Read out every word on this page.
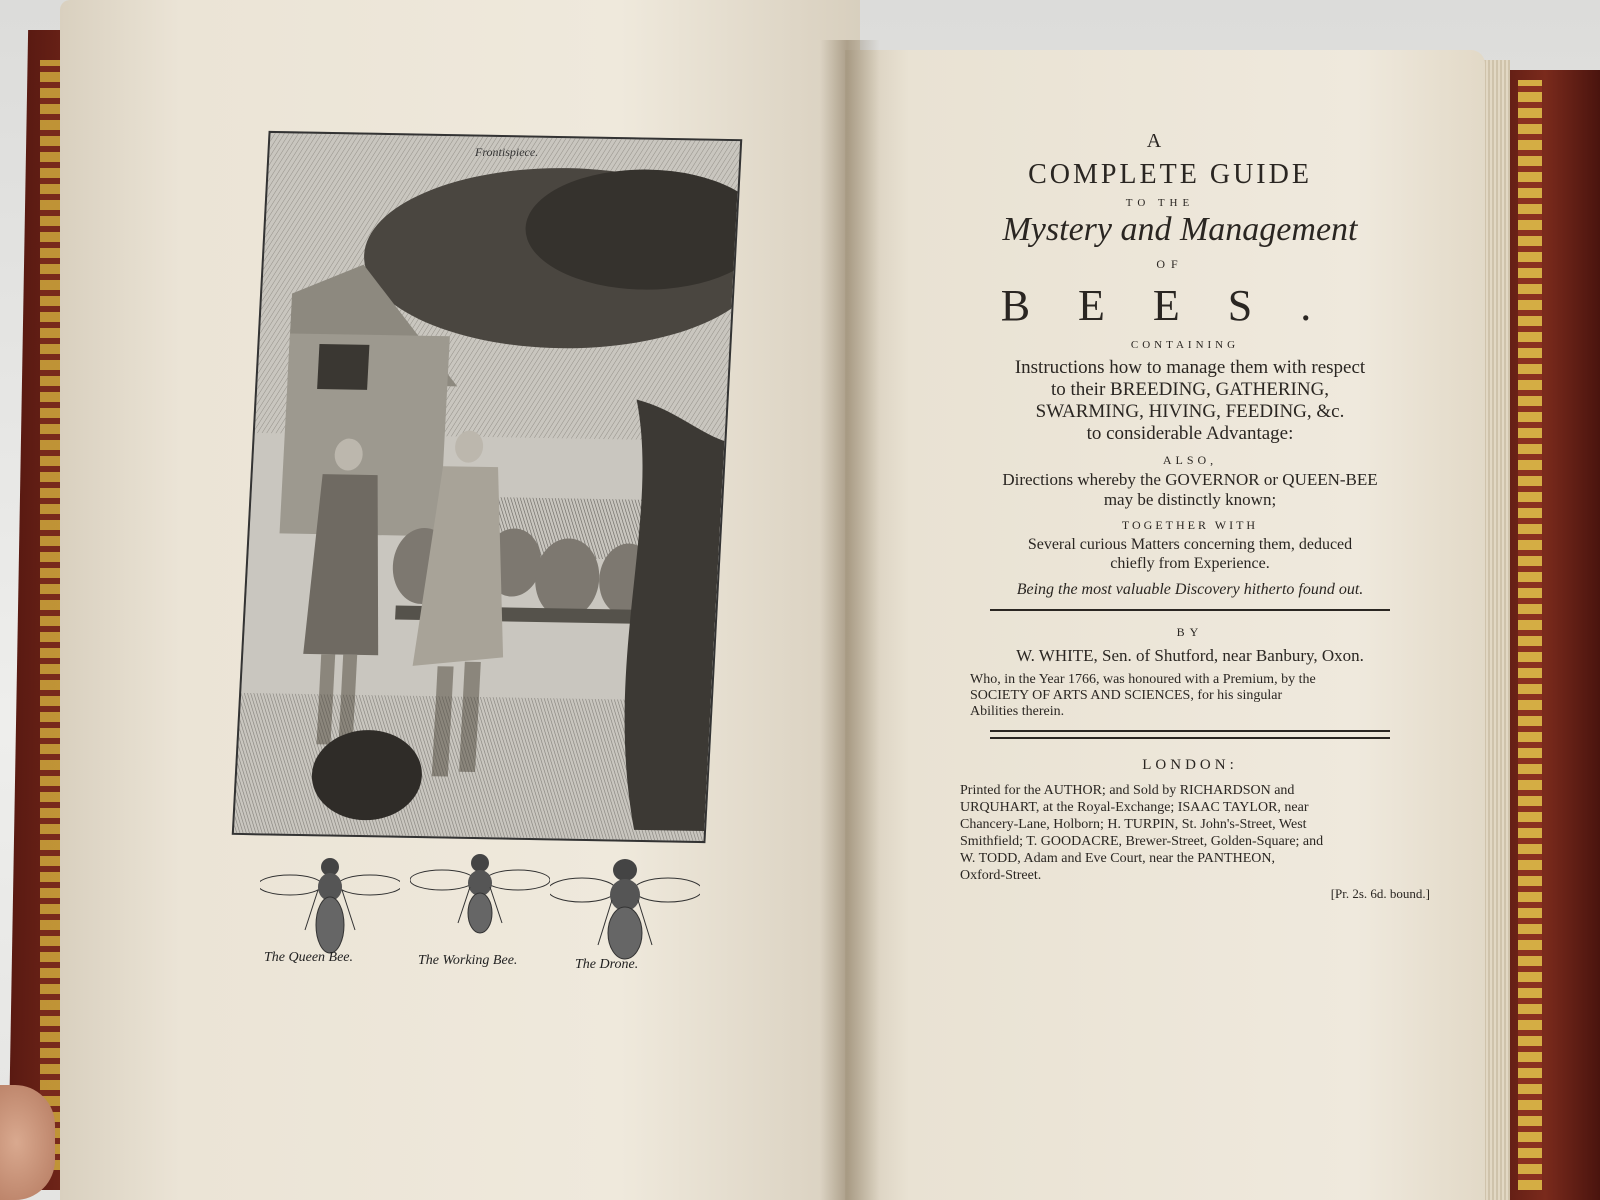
Frontispiece.
The Queen Bee.	The Working Bee.	The Drone.
A
COMPLETE GUIDE
TO THE
Mystery and Management
OF
BEES.
CONTAINING
Instructions how to manage them with respect
to their BREEDING, GATHERING,
SWARMING, HIVING, FEEDING, &c.
to considerable Advantage:
ALSO,
Directions whereby the GOVERNOR or QUEEN-BEE
may be distinctly known;
TOGETHER WITH
Several curious Matters concerning them, deduced
chiefly from Experience.
Being the most valuable Discovery hitherto found out.
BY
W. WHITE, Sen. of Shutford, near Banbury, Oxon.
Who, in the Year 1766, was honoured with a Premium, by the
SOCIETY OF ARTS AND SCIENCES, for his singular
Abilities therein.
LONDON:
Printed for the AUTHOR; and Sold by RICHARDSON and
URQUHART, at the Royal-Exchange; ISAAC TAYLOR, near
Chancery-Lane, Holborn; H. TURPIN, St. John's-Street, West
Smithfield; T. GOODACRE, Brewer-Street, Golden-Square; and
W. TODD, Adam and Eve Court, near the PANTHEON,
Oxford-Street.
[Pr. 2s. 6d. bound.]
